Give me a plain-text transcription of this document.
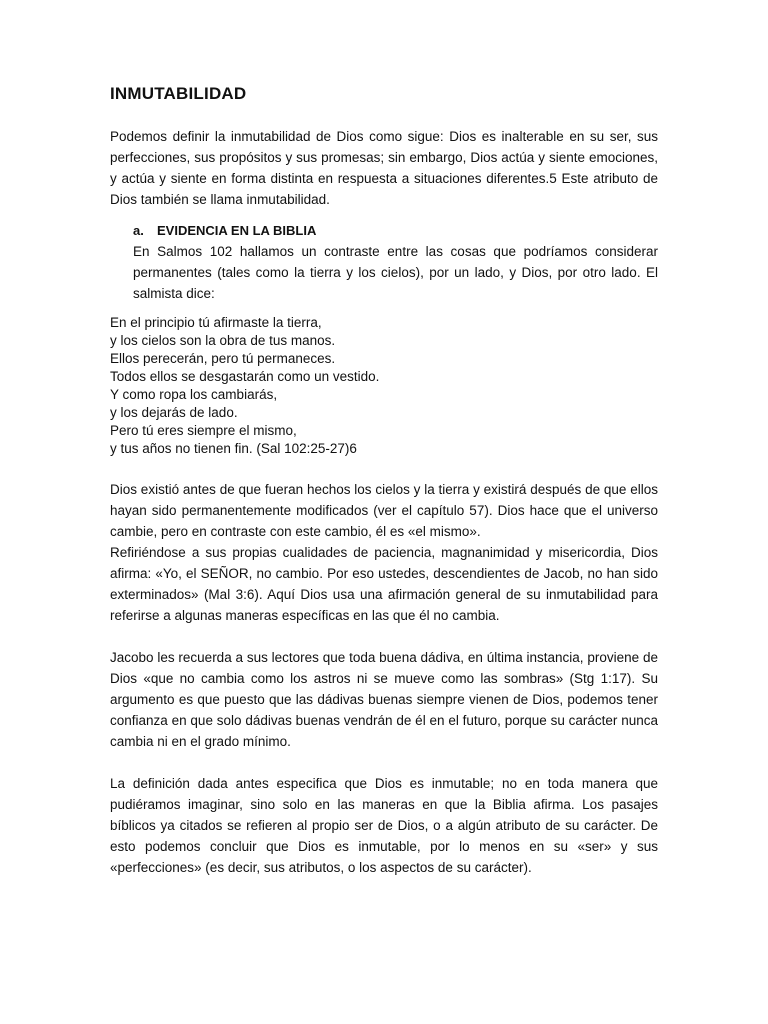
INMUTABILIDAD

Podemos definir la inmutabilidad de Dios como sigue: Dios es inalterable en su ser, sus perfecciones, sus propósitos y sus promesas; sin embargo, Dios actúa y siente emociones, y actúa y siente en forma distinta en respuesta a situaciones diferentes.5 Este atributo de Dios también se llama inmutabilidad.

a. EVIDENCIA EN LA BIBLIA

En Salmos 102 hallamos un contraste entre las cosas que podríamos considerar permanentes (tales como la tierra y los cielos), por un lado, y Dios, por otro lado. El salmista dice:

En el principio tú afirmaste la tierra,
y los cielos son la obra de tus manos.
Ellos perecerán, pero tú permaneces.
Todos ellos se desgastarán como un vestido.
Y como ropa los cambiarás,
y los dejarás de lado.
Pero tú eres siempre el mismo,
y tus años no tienen fin. (Sal 102:25-27)6

Dios existió antes de que fueran hechos los cielos y la tierra y existirá después de que ellos hayan sido permanentemente modificados (ver el capítulo 57). Dios hace que el universo cambie, pero en contraste con este cambio, él es «el mismo».

Refiriéndose a sus propias cualidades de paciencia, magnanimidad y misericordia, Dios afirma: «Yo, el SEÑOR, no cambio. Por eso ustedes, descendientes de Jacob, no han sido exterminados» (Mal 3:6). Aquí Dios usa una afirmación general de su inmutabilidad para referirse a algunas maneras específicas en las que él no cambia.

Jacobo les recuerda a sus lectores que toda buena dádiva, en última instancia, proviene de Dios «que no cambia como los astros ni se mueve como las sombras» (Stg 1:17). Su argumento es que puesto que las dádivas buenas siempre vienen de Dios, podemos tener confianza en que solo dádivas buenas vendrán de él en el futuro, porque su carácter nunca cambia ni en el grado mínimo.

La definición dada antes especifica que Dios es inmutable; no en toda manera que pudiéramos imaginar, sino solo en las maneras en que la Biblia afirma. Los pasajes bíblicos ya citados se refieren al propio ser de Dios, o a algún atributo de su carácter. De esto podemos concluir que Dios es inmutable, por lo menos en su «ser» y sus «perfecciones» (es decir, sus atributos, o los aspectos de su carácter).
